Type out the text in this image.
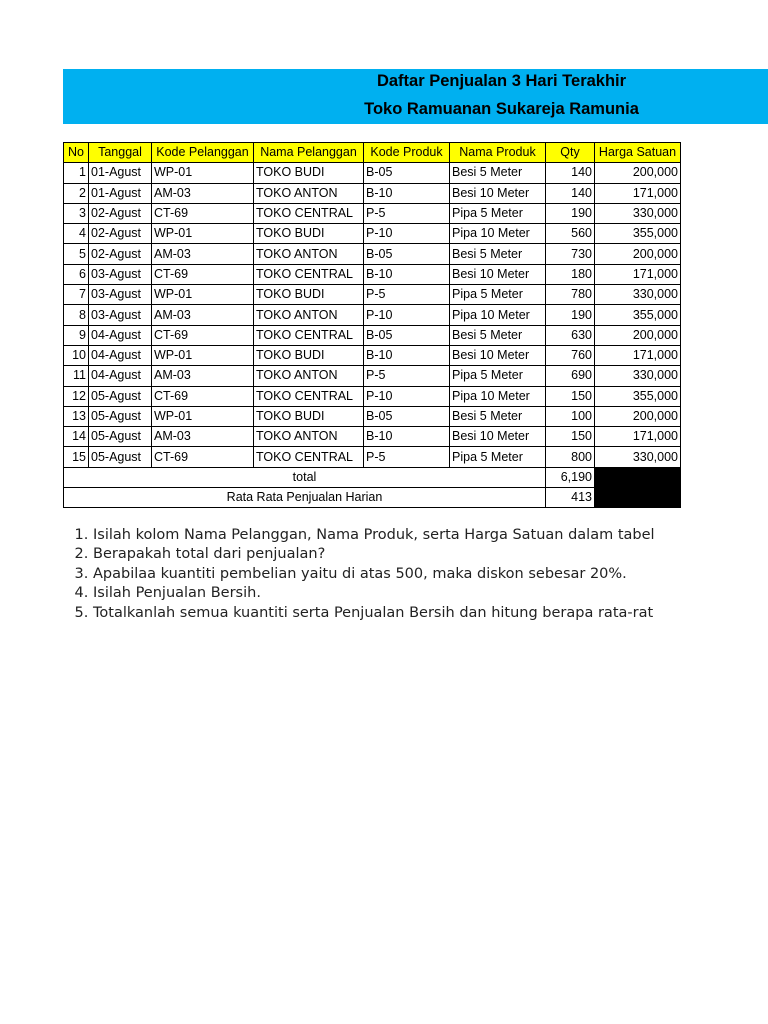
Daftar Penjualan 3 Hari Terakhir
Toko Ramuanan Sukareja Ramunia
No	Tanggal	Kode Pelanggan	Nama Pelanggan	Kode Produk	Nama Produk	Qty	Harga Satuan
1	01-Agust	WP-01	TOKO BUDI	B-05	Besi 5 Meter	140	200,000
2	01-Agust	AM-03	TOKO ANTON	B-10	Besi 10 Meter	140	171,000
3	02-Agust	CT-69	TOKO CENTRAL	P-5	Pipa 5 Meter	190	330,000
4	02-Agust	WP-01	TOKO BUDI	P-10	Pipa 10 Meter	560	355,000
5	02-Agust	AM-03	TOKO ANTON	B-05	Besi 5 Meter	730	200,000
6	03-Agust	CT-69	TOKO CENTRAL	B-10	Besi 10 Meter	180	171,000
7	03-Agust	WP-01	TOKO BUDI	P-5	Pipa 5 Meter	780	330,000
8	03-Agust	AM-03	TOKO ANTON	P-10	Pipa 10 Meter	190	355,000
9	04-Agust	CT-69	TOKO CENTRAL	B-05	Besi 5 Meter	630	200,000
10	04-Agust	WP-01	TOKO BUDI	B-10	Besi 10 Meter	760	171,000
11	04-Agust	AM-03	TOKO ANTON	P-5	Pipa 5 Meter	690	330,000
12	05-Agust	CT-69	TOKO CENTRAL	P-10	Pipa 10 Meter	150	355,000
13	05-Agust	WP-01	TOKO BUDI	B-05	Besi 5 Meter	100	200,000
14	05-Agust	AM-03	TOKO ANTON	B-10	Besi 10 Meter	150	171,000
15	05-Agust	CT-69	TOKO CENTRAL	P-5	Pipa 5 Meter	800	330,000
total						6,190	
Rata Rata Penjualan Harian						413	
1. Isilah kolom Nama Pelanggan, Nama Produk, serta Harga Satuan dalam tabel
2. Berapakah total dari penjualan?
3. Apabilaa kuantiti pembelian yaitu di atas 500, maka diskon sebesar 20%.
4. Isilah Penjualan Bersih.
5. Totalkanlah semua kuantiti serta Penjualan Bersih dan hitung berapa rata-rat
